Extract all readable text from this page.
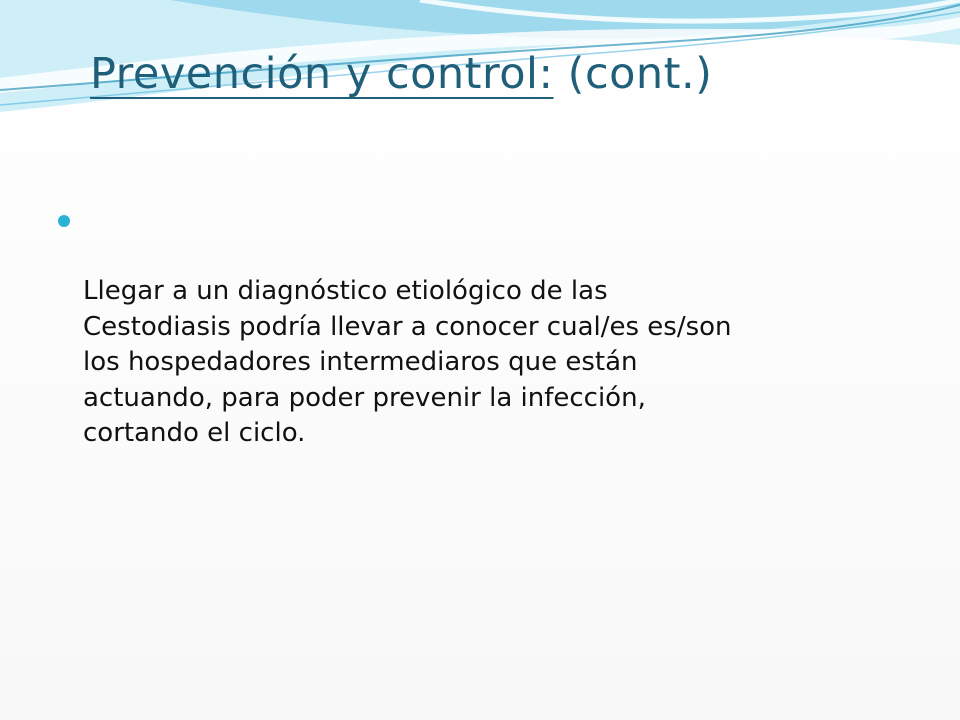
Prevención y control: (cont.)

Llegar a un diagnóstico etiológico de las
Cestodiasis podría llevar a conocer cual/es es/son
los hospedadores intermediaros que están
actuando, para poder prevenir la infección,
cortando el ciclo.
